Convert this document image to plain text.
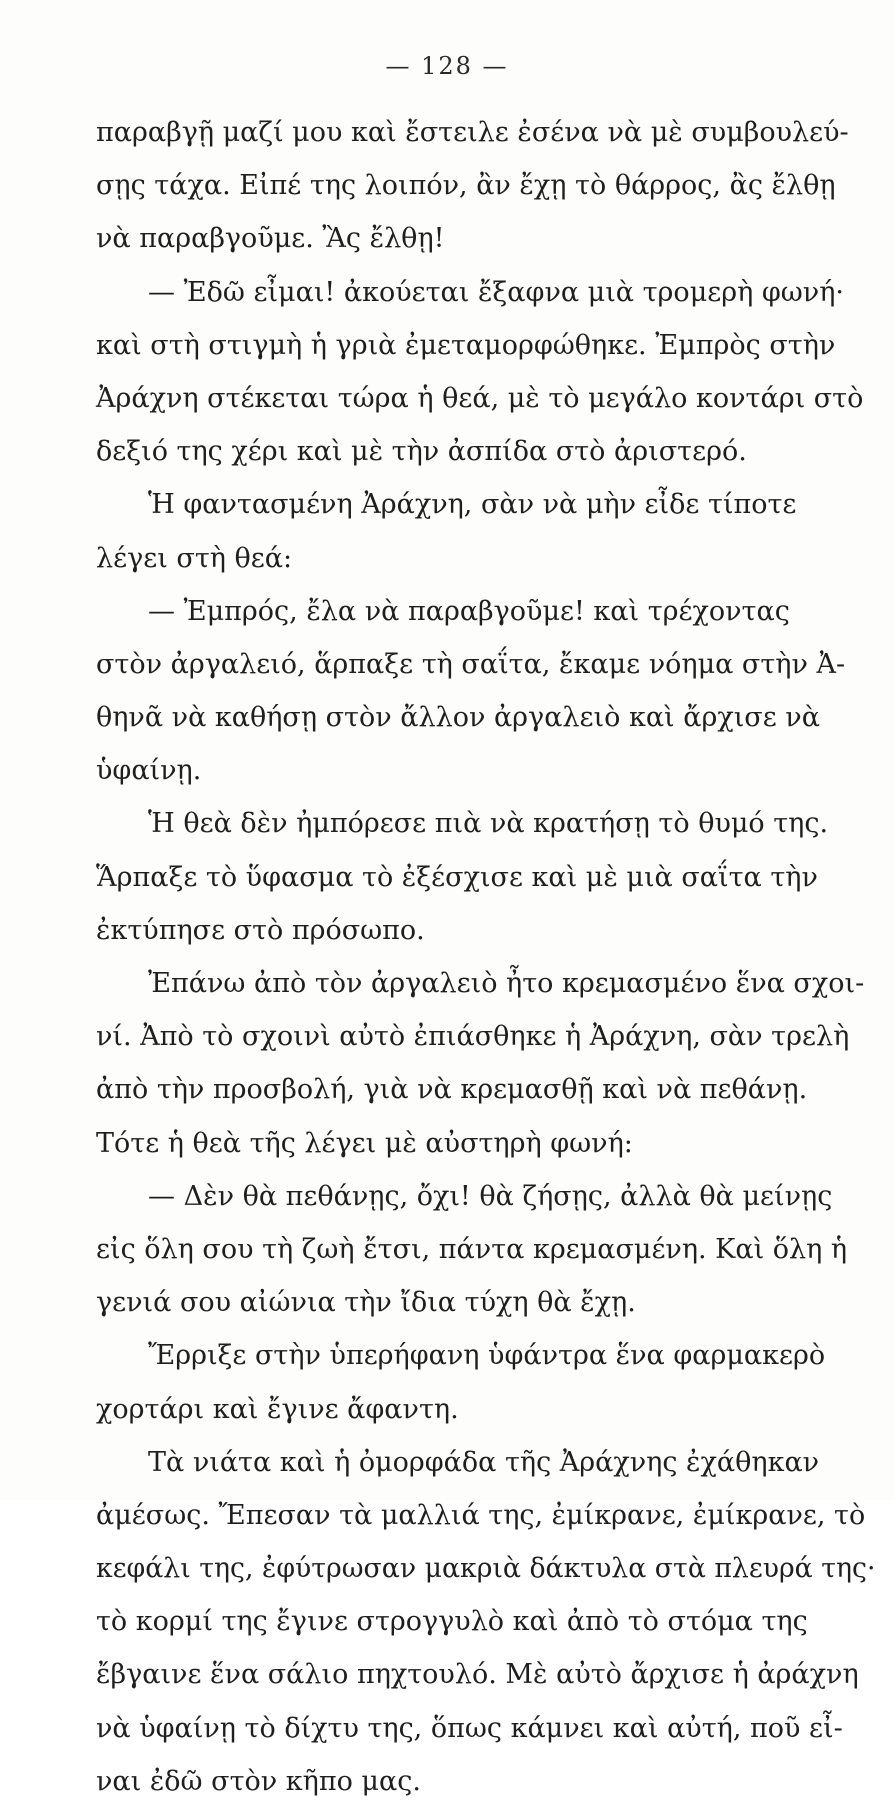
— 128 —
παραβγῇ μαζί μου καὶ ἔστειλε ἐσένα νὰ μὲ συμβουλεύ-
σῃς τάχα. Εἰπέ της λοιπόν, ἂν ἔχῃ τὸ θάρρος, ἂς ἔλθῃ
νὰ παραβγοῦμε. Ἂς ἔλθῃ!
— Ἐδῶ εἶμαι! ἀκούεται ἔξαφνα μιὰ τρομερὴ φωνή·
καὶ στὴ στιγμὴ ἡ γριὰ ἐμεταμορφώθηκε. Ἐμπρὸς στὴν
Ἀράχνη στέκεται τώρα ἡ θεά, μὲ τὸ μεγάλο κοντάρι στὸ
δεξιό της χέρι καὶ μὲ τὴν ἀσπίδα στὸ ἀριστερό.
Ἡ φαντασμένη Ἀράχνη, σὰν νὰ μὴν εἶδε τίποτε
λέγει στὴ θεά:
— Ἐμπρός, ἔλα νὰ παραβγοῦμε! καὶ τρέχοντας
στὸν ἀργαλειό, ἅρπαξε τὴ σαΐτα, ἔκαμε νόημα στὴν Ἀ-
θηνᾶ νὰ καθήσῃ στὸν ἄλλον ἀργαλειὸ καὶ ἄρχισε νὰ
ὑφαίνῃ.
Ἡ θεὰ δὲν ἠμπόρεσε πιὰ νὰ κρατήσῃ τὸ θυμό της.
Ἅρπαξε τὸ ὕφασμα τὸ ἐξέσχισε καὶ μὲ μιὰ σαΐτα τὴν
ἐκτύπησε στὸ πρόσωπο.
Ἐπάνω ἀπὸ τὸν ἀργαλειὸ ἦτο κρεμασμένο ἕνα σχοι-
νί. Ἀπὸ τὸ σχοινὶ αὐτὸ ἐπιάσθηκε ἡ Ἀράχνη, σὰν τρελὴ
ἀπὸ τὴν προσβολή, γιὰ νὰ κρεμασθῇ καὶ νὰ πεθάνῃ.
Τότε ἡ θεὰ τῆς λέγει μὲ αὐστηρὴ φωνή:
— Δὲν θὰ πεθάνῃς, ὄχι! θὰ ζήσῃς, ἀλλὰ θὰ μείνῃς
εἰς ὅλη σου τὴ ζωὴ ἔτσι, πάντα κρεμασμένη. Καὶ ὅλη ἡ
γενιά σου αἰώνια τὴν ἴδια τύχη θὰ ἔχῃ.
Ἔρριξε στὴν ὑπερήφανη ὑφάντρα ἕνα φαρμακερὸ
χορτάρι καὶ ἔγινε ἄφαντη.
Τὰ νιάτα καὶ ἡ ὀμορφάδα τῆς Ἀράχνης ἐχάθηκαν
ἀμέσως. Ἔπεσαν τὰ μαλλιά της, ἐμίκρανε, ἐμίκρανε, τὸ
κεφάλι της, ἐφύτρωσαν μακριὰ δάκτυλα στὰ πλευρά της·
τὸ κορμί της ἔγινε στρογγυλὸ καὶ ἀπὸ τὸ στόμα της
ἔβγαινε ἕνα σάλιο πηχτουλό. Μὲ αὐτὸ ἄρχισε ἡ ἀράχνη
νὰ ὑφαίνῃ τὸ δίχτυ της, ὅπως κάμνει καὶ αὐτή, ποῦ εἶ-
ναι ἐδῶ στὸν κῆπο μας.
